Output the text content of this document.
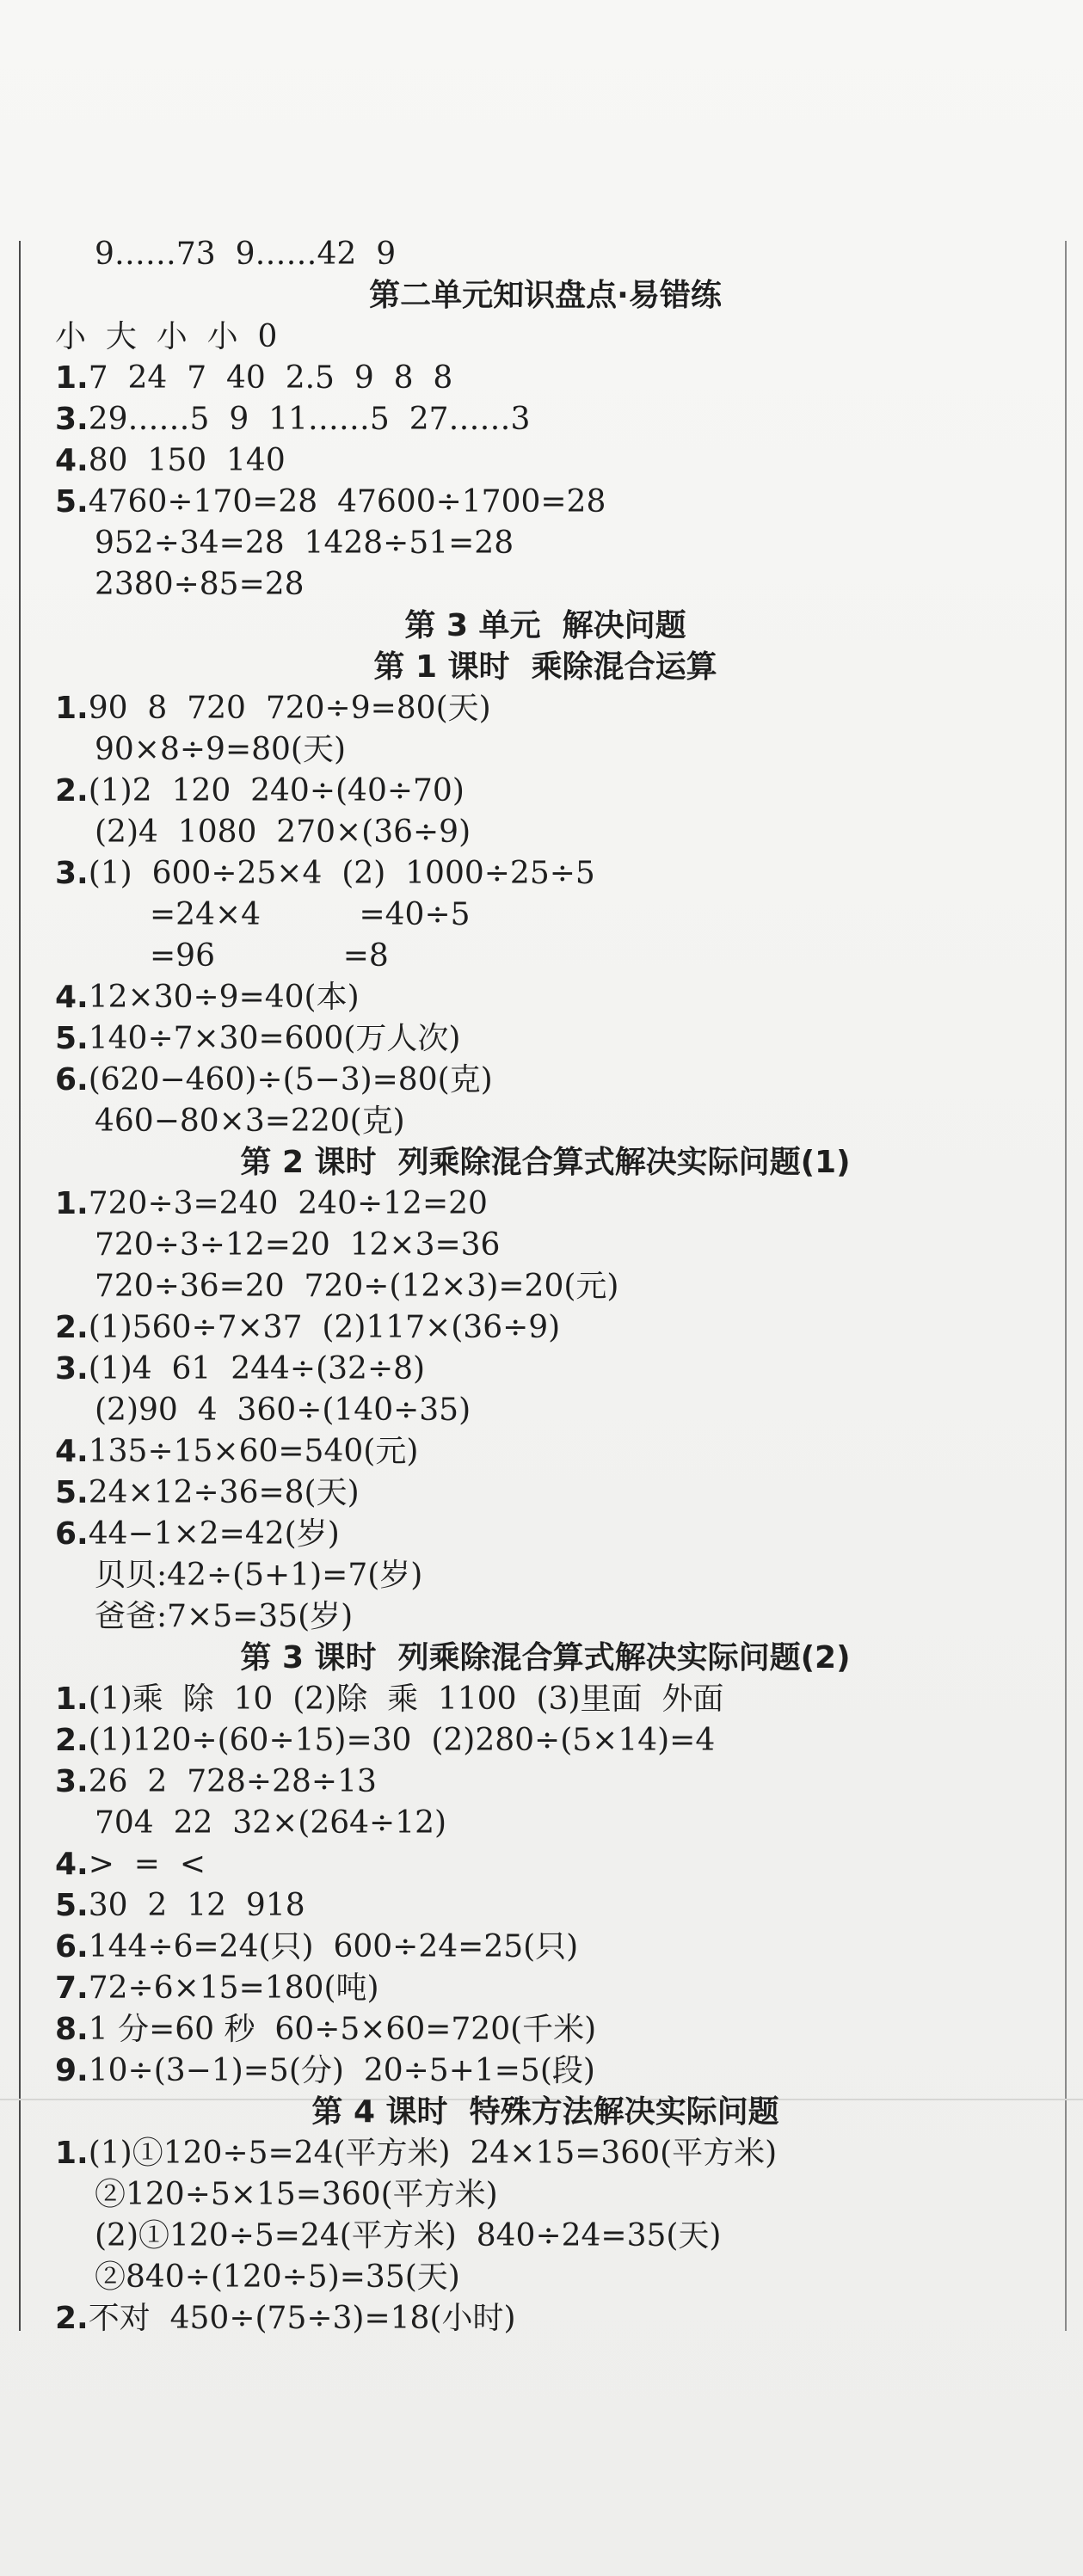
9……73  9……42  9
第二单元知识盘点·易错练
小  大  小  小  0
1.7  24  7  40  2.5  9  8  8
3.29……5  9  11……5  27……3
4.80  150  140
5.4760÷170=28  47600÷1700=28
952÷34=28  1428÷51=28
2380÷85=28
第 3 单元  解决问题
第 1 课时  乘除混合运算
1.90  8  720  720÷9=80(天)
90×8÷9=80(天)
2.(1)2  120  240÷(40÷70)
(2)4  1080  270×(36÷9)
3.(1)  600÷25×4  (2)  1000÷25÷5
=24×4          =40÷5
=96             =8
4.12×30÷9=40(本)
5.140÷7×30=600(万人次)
6.(620−460)÷(5−3)=80(克)
460−80×3=220(克)
第 2 课时  列乘除混合算式解决实际问题(1)
1.720÷3=240  240÷12=20
720÷3÷12=20  12×3=36
720÷36=20  720÷(12×3)=20(元)
2.(1)560÷7×37  (2)117×(36÷9)
3.(1)4  61  244÷(32÷8)
(2)90  4  360÷(140÷35)
4.135÷15×60=540(元)
5.24×12÷36=8(天)
6.44−1×2=42(岁)
贝贝:42÷(5+1)=7(岁)
爸爸:7×5=35(岁)
第 3 课时  列乘除混合算式解决实际问题(2)
1.(1)乘  除  10  (2)除  乘  1100  (3)里面  外面
2.(1)120÷(60÷15)=30  (2)280÷(5×14)=4
3.26  2  728÷28÷13
704  22  32×(264÷12)
4.>  =  <
5.30  2  12  918
6.144÷6=24(只)  600÷24=25(只)
7.72÷6×15=180(吨)
8.1 分=60 秒  60÷5×60=720(千米)
9.10÷(3−1)=5(分)  20÷5+1=5(段)
第 4 课时  特殊方法解决实际问题
1.(1)①120÷5=24(平方米)  24×15=360(平方米)
②120÷5×15=360(平方米)
(2)①120÷5=24(平方米)  840÷24=35(天)
②840÷(120÷5)=35(天)
2.不对  450÷(75÷3)=18(小时)
